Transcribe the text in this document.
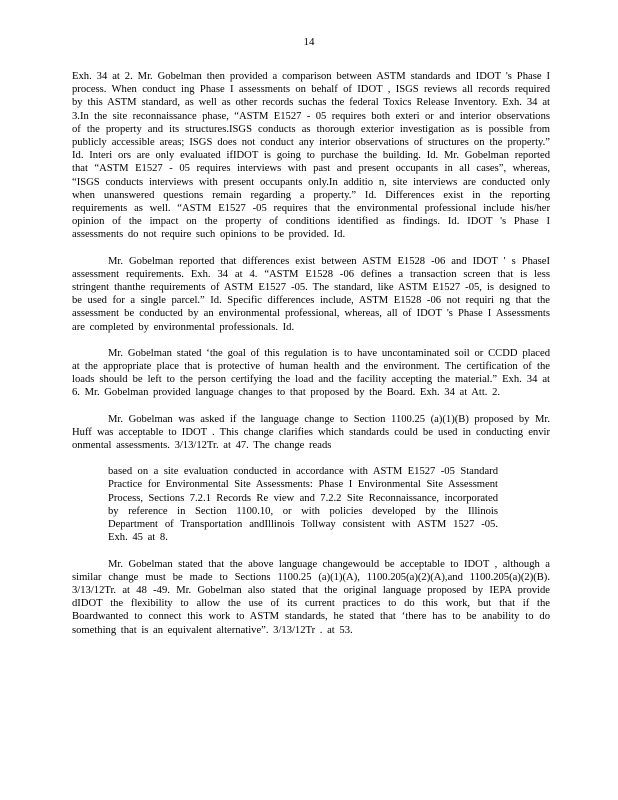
14

Exh. 34 at 2. Mr. Gobelman then provided a comparison between ASTM standards and IDOT 's Phase I process. When conduct ing Phase I assessments on behalf of IDOT , ISGS reviews all records required by this ASTM standard, as well as other records suchas the federal Toxics Release Inventory. Exh. 34 at 3.In the site reconnaissance phase, “ASTM E1527 - 05 requires both exteri or and interior observations of the property and its structures.ISGS conducts as thorough exterior investigation as is possible from publicly accessible areas; ISGS does not conduct any interior observations of structures on the property.” Id. Interi ors are only evaluated ifIDOT is going to purchase the building. Id. Mr. Gobelman reported that “ASTM E1527 - 05 requires interviews with past and present occupants in all cases”, whereas, “ISGS conducts interviews with present occupants only.In additio n, site interviews are conducted only when unanswered questions remain regarding a property.” Id. Differences exist in the reporting requirements as well. “ASTM E1527 -05 requires that the environmental professional include his/her opinion of the impact on the property of conditions identified as findings. Id. IDOT 's Phase I assessments do not require such opinions to be provided. Id.

Mr. Gobelman reported that differences exist between ASTM E1528 -06 and IDOT ' s PhaseI assessment requirements. Exh. 34 at 4. “ASTM E1528 -06 defines a transaction screen that is less stringent thanthe requirements of ASTM E1527 -05. The standard, like ASTM E1527 -05, is designed to be used for a single parcel.” Id. Specific differences include, ASTM E1528 -06 not requiri ng that the assessment be conducted by an environmental professional, whereas, all of IDOT 's Phase I Assessments are completed by environmental professionals. Id.

Mr. Gobelman stated ‘the goal of this regulation is to have uncontaminated soil or CCDD placed at the appropriate place that is protective of human health and the environment. The certification of the loads should be left to the person certifying the load and the facility accepting the material.” Exh. 34 at 6. Mr. Gobelman provided language changes to that proposed by the Board. Exh. 34 at Att. 2.

Mr. Gobelman was asked if the language change to Section 1100.25 (a)(1)(B) proposed by Mr. Huff was acceptable to IDOT . This change clarifies which standards could be used in conducting envir onmental assessments. 3/13/12Tr. at 47. The change reads

based on a site evaluation conducted in accordance with ASTM E1527 -05 Standard Practice for Environmental Site Assessments: Phase I Environmental Site Assessment Process, Sections 7.2.1 Records Re view and 7.2.2 Site Reconnaissance, incorporated by reference in Section 1100.10, or with policies developed by the Illinois Department of Transportation andIllinois Tollway consistent with ASTM 1527 -05. Exh. 45 at 8.

Mr. Gobelman stated that the above language changewould be acceptable to IDOT , although a similar change must be made to Sections 1100.25 (a)(1)(A), 1100.205(a)(2)(A),and 1100.205(a)(2)(B). 3/13/12Tr. at 48 -49. Mr. Gobelman also stated that the original language proposed by IEPA provide dIDOT the flexibility to allow the use of its current practices to do this work, but that if the Boardwanted to connect this work to ASTM standards, he stated that ‘there has to be anability to do something that is an equivalent alternative”. 3/13/12Tr . at 53.
